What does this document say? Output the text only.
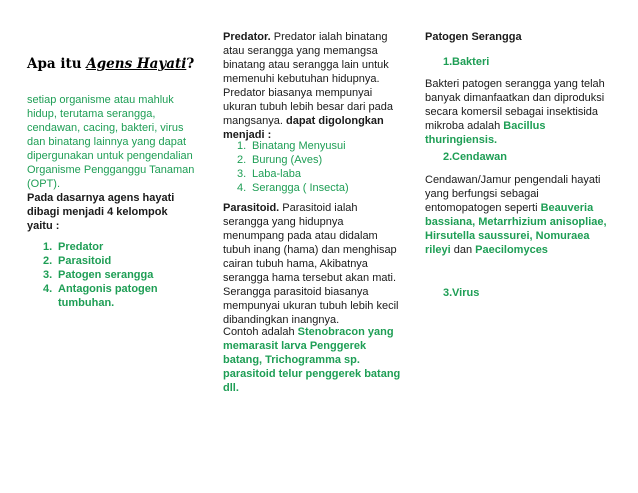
Apa itu Agens Hayati?

setiap organisme atau mahluk hidup, terutama serangga, cendawan, cacing, bakteri, virus dan binatang lainnya yang dapat dipergunakan untuk pengendalian Organisme Pengganggu Tanaman (OPT).

Pada dasarnya agens hayati dibagi menjadi 4 kelompok yaitu :

1. Predator
2. Parasitoid
3. Patogen serangga
4. Antagonis patogen tumbuhan.

Predator. Predator ialah binatang atau serangga yang memangsa binatang atau serangga lain untuk memenuhi kebutuhan hidupnya. Predator biasanya mempunyai ukuran tubuh lebih besar dari pada mangsanya. dapat digolongkan menjadi :

1. Binatang Menyusui
2. Burung (Aves)
3. Laba-laba
4. Serangga ( Insecta)

Parasitoid. Parasitoid ialah serangga yang hidupnya menumpang pada atau didalam tubuh inang (hama) dan menghisap cairan tubuh hama, Akibatnya serangga hama tersebut akan mati. Serangga parasitoid biasanya mempunyai ukuran tubuh lebih kecil dibandingkan inangnya.

Contoh adalah Stenobracon yang memarasit larva Penggerek batang, Trichogramma sp. parasitoid telur penggerek batang dll.

Patogen Serangga

1. Bakteri

Bakteri patogen serangga yang telah banyak dimanfaatkan dan diproduksi secara komersil sebagai insektisida mikroba adalah Bacillus thuringiensis.

2. Cendawan

Cendawan/Jamur pengendali hayati yang berfungsi sebagai entomopatogen seperti Beauveria bassiana, Metarrhizium anisopliae, Hirsutella saussurei, Nomuraea rileyi dan Paecilomyces

3. Virus
